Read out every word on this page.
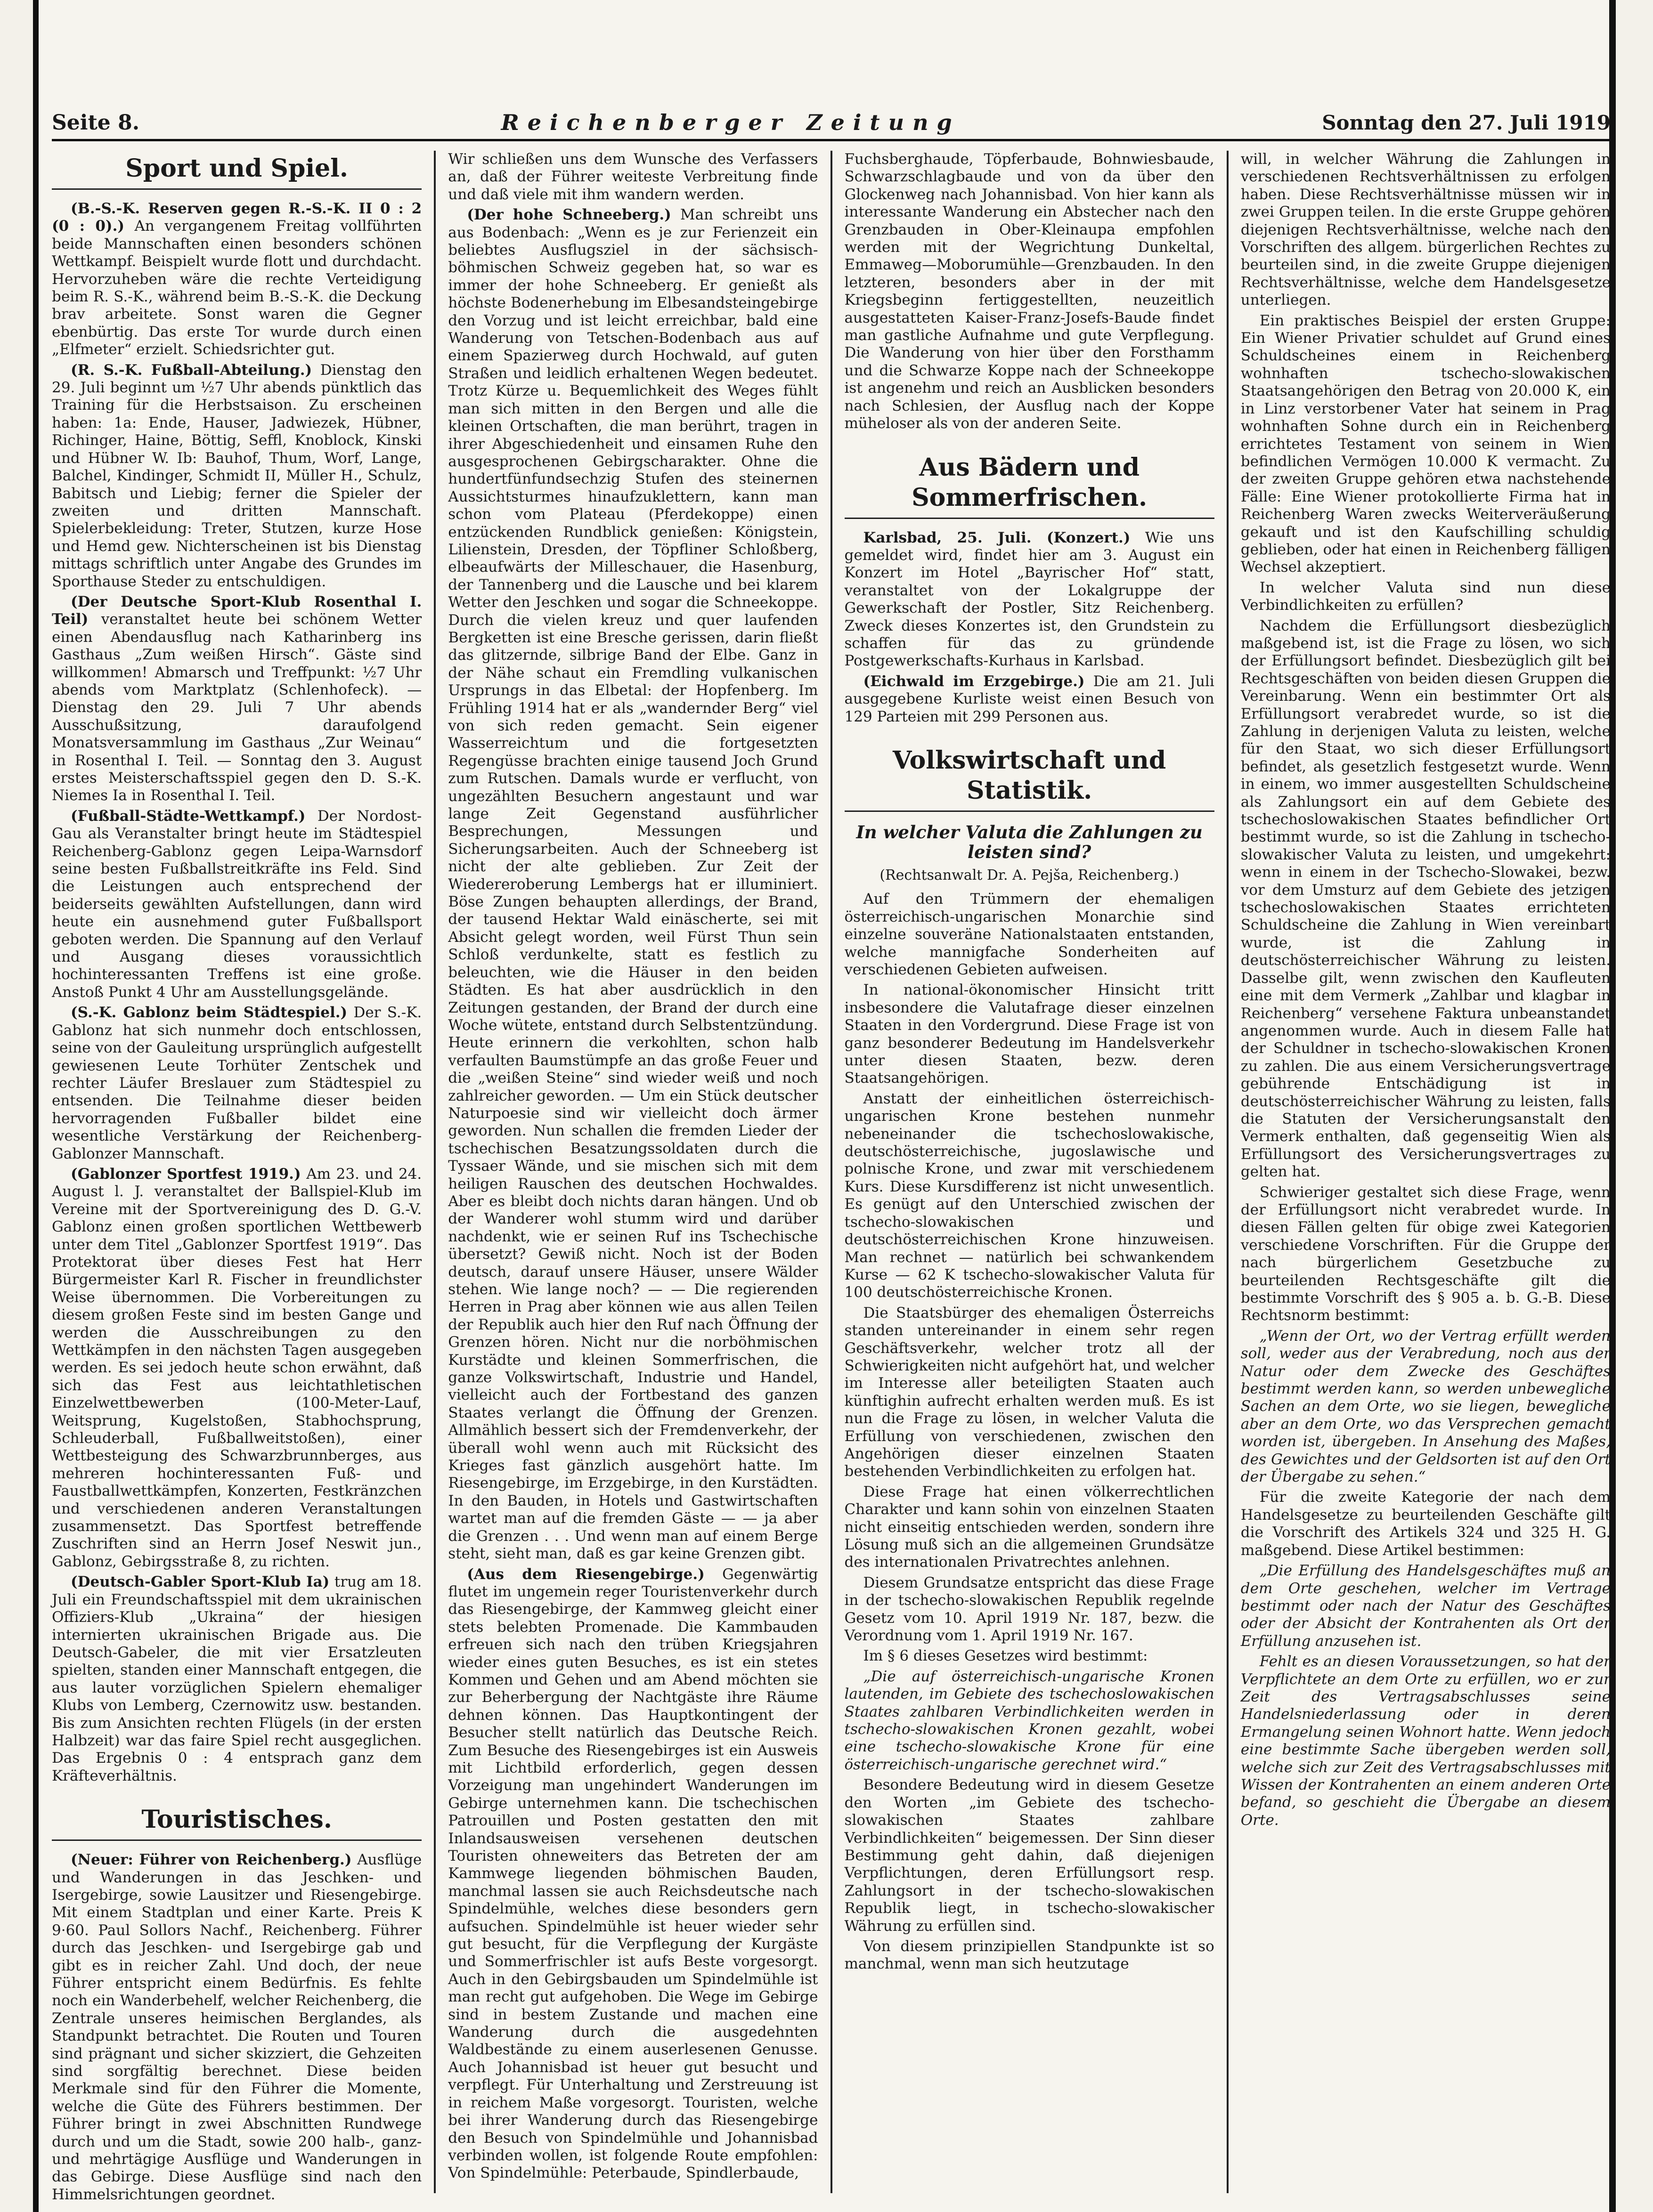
Seite 8.	Reichenberger Zeitung	Sonntag den 27. Juli 1919
Sport und Spiel.

(B.-S.-K. Reserven gegen R.-S.-K. II 0 : 2 (0 : 0).) An vergangenem Freitag vollführten beide Mannschaften einen besonders schönen Wettkampf. Beispielt wurde flott und durchdacht. Hervorzuheben wäre die rechte Verteidigung beim R. S.-K., während beim B.-S.-K. die Deckung brav arbeitete. Sonst waren die Gegner ebenbürtig. Das erste Tor wurde durch einen „Elfmeter“ erzielt. Schiedsrichter gut.

(R. S.-K. Fußball-Abteilung.) Dienstag den 29. Juli beginnt um ½7 Uhr abends pünktlich das Training für die Herbstsaison. Zu erscheinen haben: 1a: Ende, Hauser, Jadwiezek, Hübner, Richinger, Haine, Böttig, Seffl, Knoblock, Kinski und Hübner W. Ib: Bauhof, Thum, Worf, Lange, Balchel, Kindinger, Schmidt II, Müller H., Schulz, Babitsch und Liebig; ferner die Spieler der zweiten und dritten Mannschaft. Spielerbekleidung: Treter, Stutzen, kurze Hose und Hemd gew. Nichterscheinen ist bis Dienstag mittags schriftlich unter Angabe des Grundes im Sporthause Steder zu entschuldigen.

(Der Deutsche Sport-Klub Rosenthal I. Teil) veranstaltet heute bei schönem Wetter einen Abendausflug nach Katharinberg ins Gasthaus „Zum weißen Hirsch“. Gäste sind willkommen! Abmarsch und Treffpunkt: ½7 Uhr abends vom Marktplatz (Schlenhofeck). — Dienstag den 29. Juli 7 Uhr abends Ausschußsitzung, daraufolgend Monatsversammlung im Gasthaus „Zur Weinau“ in Rosenthal I. Teil. — Sonntag den 3. August erstes Meisterschaftsspiel gegen den D. S.-K. Niemes Ia in Rosenthal I. Teil.

(Fußball-Städte-Wettkampf.) Der Nordost-Gau als Veranstalter bringt heute im Städtespiel Reichenberg-Gablonz gegen Leipa-Warnsdorf seine besten Fußballstreitkräfte ins Feld. Sind die Leistungen auch entsprechend der beiderseits gewählten Aufstellungen, dann wird heute ein ausnehmend guter Fußballsport geboten werden. Die Spannung auf den Verlauf und Ausgang dieses voraussichtlich hochinteressanten Treffens ist eine große. Anstoß Punkt 4 Uhr am Ausstellungsgelände.

(S.-K. Gablonz beim Städtespiel.) Der S.-K. Gablonz hat sich nunmehr doch entschlossen, seine von der Gauleitung ursprünglich aufgestellt gewiesenen Leute Torhüter Zentschek und rechter Läufer Breslauer zum Städtespiel zu entsenden. Die Teilnahme dieser beiden hervorragenden Fußballer bildet eine wesentliche Verstärkung der Reichenberg-Gablonzer Mannschaft.

(Gablonzer Sportfest 1919.) Am 23. und 24. August l. J. veranstaltet der Ballspiel-Klub im Vereine mit der Sportvereinigung des D. G.-V. Gablonz einen großen sportlichen Wettbewerb unter dem Titel „Gablonzer Sportfest 1919“. Das Protektorat über dieses Fest hat Herr Bürgermeister Karl R. Fischer in freundlichster Weise übernommen. Die Vorbereitungen zu diesem großen Feste sind im besten Gange und werden die Ausschreibungen zu den Wettkämpfen in den nächsten Tagen ausgegeben werden. Es sei jedoch heute schon erwähnt, daß sich das Fest aus leichtathletischen Einzelwettbewerben (100-Meter-Lauf, Weitsprung, Kugelstoßen, Stabhochsprung, Schleuderball, Fußballweitstoßen), einer Wettbesteigung des Schwarzbrunnberges, aus mehreren hochinteressanten Fuß- und Faustballwettkämpfen, Konzerten, Festkränzchen und verschiedenen anderen Veranstaltungen zusammensetzt. Das Sportfest betreffende Zuschriften sind an Herrn Josef Neswit jun., Gablonz, Gebirgsstraße 8, zu richten.

(Deutsch-Gabler Sport-Klub Ia) trug am 18. Juli ein Freundschaftsspiel mit dem ukrainischen Offiziers-Klub „Ukraina“ der hiesigen internierten ukrainischen Brigade aus. Die Deutsch-Gabeler, die mit vier Ersatzleuten spielten, standen einer Mannschaft entgegen, die aus lauter vorzüglichen Spielern ehemaliger Klubs von Lemberg, Czernowitz usw. bestanden. Bis zum Ansichten rechten Flügels (in der ersten Halbzeit) war das faire Spiel recht ausgeglichen. Das Ergebnis 0 : 4 entsprach ganz dem Kräfteverhältnis.

Touristisches.

(Neuer: Führer von Reichenberg.) Ausflüge und Wanderungen in das Jeschken- und Isergebirge, sowie Lausitzer und Riesengebirge. Mit einem Stadtplan und einer Karte. Preis K 9·60. Paul Sollors Nachf., Reichenberg. Führer durch das Jeschken- und Isergebirge gab und gibt es in reicher Zahl. Und doch, der neue Führer entspricht einem Bedürfnis. Es fehlte noch ein Wanderbehelf, welcher Reichenberg, die Zentrale unseres heimischen Berglandes, als Standpunkt betrachtet. Die Routen und Touren sind prägnant und sicher skizziert, die Gehzeiten sind sorgfältig berechnet. Diese beiden Merkmale sind für den Führer die Momente, welche die Güte des Führers bestimmen. Der Führer bringt in zwei Abschnitten Rundwege durch und um die Stadt, sowie 200 halb-, ganz- und mehrtägige Ausflüge und Wanderungen in das Gebirge. Diese Ausflüge sind nach den Himmelsrichtungen geordnet.

Wir schließen uns dem Wunsche des Verfassers an, daß der Führer weiteste Verbreitung finde und daß viele mit ihm wandern werden.

(Der hohe Schneeberg.) Man schreibt uns aus Bodenbach: „Wenn es je zur Ferienzeit ein beliebtes Ausflugsziel in der sächsisch-böhmischen Schweiz gegeben hat, so war es immer der hohe Schneeberg. Er genießt als höchste Bodenerhebung im Elbesandsteingebirge den Vorzug und ist leicht erreichbar, bald eine Wanderung von Tetschen-Bodenbach aus auf einem Spazierweg durch Hochwald, auf guten Straßen und leidlich erhaltenen Wegen bedeutet. Trotz Kürze u. Bequemlichkeit des Weges fühlt man sich mitten in den Bergen und alle die kleinen Ortschaften, die man berührt, tragen in ihrer Abgeschiedenheit und einsamen Ruhe den ausgesprochenen Gebirgscharakter. Ohne die hundertfünfundsechzig Stufen des steinernen Aussichtsturmes hinaufzuklettern, kann man schon vom Plateau (Pferdekoppe) einen entzückenden Rundblick genießen: Königstein, Lilienstein, Dresden, der Töpfliner Schloßberg, elbeaufwärts der Milleschauer, die Hasenburg, der Tannenberg und die Lausche und bei klarem Wetter den Jeschken und sogar die Schneekoppe. Durch die vielen kreuz und quer laufenden Bergketten ist eine Bresche gerissen, darin fließt das glitzernde, silbrige Band der Elbe. Ganz in der Nähe schaut ein Fremdling vulkanischen Ursprungs in das Elbetal: der Hopfenberg. Im Frühling 1914 hat er als „wandernder Berg“ viel von sich reden gemacht. Sein eigener Wasserreichtum und die fortgesetzten Regengüsse brachten einige tausend Joch Grund zum Rutschen. Damals wurde er verflucht, von ungezählten Besuchern angestaunt und war lange Zeit Gegenstand ausführlicher Besprechungen, Messungen und Sicherungsarbeiten. Auch der Schneeberg ist nicht der alte geblieben. Zur Zeit der Wiedereroberung Lembergs hat er illuminiert. Böse Zungen behaupten allerdings, der Brand, der tausend Hektar Wald einäscherte, sei mit Absicht gelegt worden, weil Fürst Thun sein Schloß verdunkelte, statt es festlich zu beleuchten, wie die Häuser in den beiden Städten. Es hat aber ausdrücklich in den Zeitungen gestanden, der Brand der durch eine Woche wütete, entstand durch Selbstentzündung. Heute erinnern die verkohlten, schon halb verfaulten Baumstümpfe an das große Feuer und die „weißen Steine“ sind wieder weiß und noch zahlreicher geworden. — Um ein Stück deutscher Naturpoesie sind wir vielleicht doch ärmer geworden. Nun schallen die fremden Lieder der tschechischen Besatzungssoldaten durch die Tyssaer Wände, und sie mischen sich mit dem heiligen Rauschen des deutschen Hochwaldes. Aber es bleibt doch nichts daran hängen. Und ob der Wanderer wohl stumm wird und darüber nachdenkt, wie er seinen Ruf ins Tschechische übersetzt? Gewiß nicht. Noch ist der Boden deutsch, darauf unsere Häuser, unsere Wälder stehen. Wie lange noch? — — Die regierenden Herren in Prag aber können wie aus allen Teilen der Republik auch hier den Ruf nach Öffnung der Grenzen hören. Nicht nur die norböhmischen Kurstädte und kleinen Sommerfrischen, die ganze Volkswirtschaft, Industrie und Handel, vielleicht auch der Fortbestand des ganzen Staates verlangt die Öffnung der Grenzen. Allmählich bessert sich der Fremdenverkehr, der überall wohl wenn auch mit Rücksicht des Krieges fast gänzlich ausgehört hatte. Im Riesengebirge, im Erzgebirge, in den Kurstädten. In den Bauden, in Hotels und Gastwirtschaften wartet man auf die fremden Gäste — — ja aber die Grenzen . . . Und wenn man auf einem Berge steht, sieht man, daß es gar keine Grenzen gibt.

(Aus dem Riesengebirge.) Gegenwärtig flutet im ungemein reger Touristenverkehr durch das Riesengebirge, der Kammweg gleicht einer stets belebten Promenade. Die Kammbauden erfreuen sich nach den trüben Kriegsjahren wieder eines guten Besuches, es ist ein stetes Kommen und Gehen und am Abend möchten sie zur Beherbergung der Nachtgäste ihre Räume dehnen können. Das Hauptkontingent der Besucher stellt natürlich das Deutsche Reich. Zum Besuche des Riesengebirges ist ein Ausweis mit Lichtbild erforderlich, gegen dessen Vorzeigung man ungehindert Wanderungen im Gebirge unternehmen kann. Die tschechischen Patrouillen und Posten gestatten den mit Inlandsausweisen versehenen deutschen Touristen ohneweiters das Betreten der am Kammwege liegenden böhmischen Bauden, manchmal lassen sie auch Reichsdeutsche nach Spindelmühle, welches diese besonders gern aufsuchen. Spindelmühle ist heuer wieder sehr gut besucht, für die Verpflegung der Kurgäste und Sommerfrischler ist aufs Beste vorgesorgt. Auch in den Gebirgsbauden um Spindelmühle ist man recht gut aufgehoben. Die Wege im Gebirge sind in bestem Zustande und machen eine Wanderung durch die ausgedehnten Waldbestände zu einem auserlesenen Genusse. Auch Johannisbad ist heuer gut besucht und verpflegt. Für Unterhaltung und Zerstreuung ist in reichem Maße vorgesorgt. Touristen, welche bei ihrer Wanderung durch das Riesengebirge den Besuch von Spindelmühle und Johannisbad verbinden wollen, ist folgende Route empfohlen: Von Spindelmühle: Peterbaude, Spindlerbaude,

Fuchsberghaude, Töpferbaude, Bohnwiesbaude, Schwarzschlagbaude und von da über den Glockenweg nach Johannisbad. Von hier kann als interessante Wanderung ein Abstecher nach den Grenzbauden in Ober-Kleinaupa empfohlen werden mit der Wegrichtung Dunkeltal, Emmaweg—Moborumühle—Grenzbauden. In den letzteren, besonders aber in der mit Kriegsbeginn fertiggestellten, neuzeitlich ausgestatteten Kaiser-Franz-Josefs-Baude findet man gastliche Aufnahme und gute Verpflegung. Die Wanderung von hier über den Forsthamm und die Schwarze Koppe nach der Schneekoppe ist angenehm und reich an Ausblicken besonders nach Schlesien, der Ausflug nach der Koppe müheloser als von der anderen Seite.

Aus Bädern und Sommerfrischen.

Karlsbad, 25. Juli. (Konzert.) Wie uns gemeldet wird, findet hier am 3. August ein Konzert im Hotel „Bayrischer Hof“ statt, veranstaltet von der Lokalgruppe der Gewerkschaft der Postler, Sitz Reichenberg. Zweck dieses Konzertes ist, den Grundstein zu schaffen für das zu gründende Postgewerkschafts-Kurhaus in Karlsbad.

(Eichwald im Erzgebirge.) Die am 21. Juli ausgegebene Kurliste weist einen Besuch von 129 Parteien mit 299 Personen aus.

Volkswirtschaft und Statistik.
In welcher Valuta die Zahlungen zu leisten sind?
(Rechtsanwalt Dr. A. Pejša, Reichenberg.)

Auf den Trümmern der ehemaligen österreichisch-ungarischen Monarchie sind einzelne souveräne Nationalstaaten entstanden, welche mannigfache Sonderheiten auf verschiedenen Gebieten aufweisen.

In national-ökonomischer Hinsicht tritt insbesondere die Valutafrage dieser einzelnen Staaten in den Vordergrund. Diese Frage ist von ganz besonderer Bedeutung im Handelsverkehr unter diesen Staaten, bezw. deren Staatsangehörigen.

Anstatt der einheitlichen österreichisch-ungarischen Krone bestehen nunmehr nebeneinander die tschechoslowakische, deutschösterreichische, jugoslawische und polnische Krone, und zwar mit verschiedenem Kurs. Diese Kursdifferenz ist nicht unwesentlich. Es genügt auf den Unterschied zwischen der tschecho-slowakischen und deutschösterreichischen Krone hinzuweisen. Man rechnet — natürlich bei schwankendem Kurse — 62 K tschecho-slowakischer Valuta für 100 deutschösterreichische Kronen.

Die Staatsbürger des ehemaligen Österreichs standen untereinander in einem sehr regen Geschäftsverkehr, welcher trotz all der Schwierigkeiten nicht aufgehört hat, und welcher im Interesse aller beteiligten Staaten auch künftighin aufrecht erhalten werden muß. Es ist nun die Frage zu lösen, in welcher Valuta die Erfüllung von verschiedenen, zwischen den Angehörigen dieser einzelnen Staaten bestehenden Verbindlichkeiten zu erfolgen hat.

Diese Frage hat einen völkerrechtlichen Charakter und kann sohin von einzelnen Staaten nicht einseitig entschieden werden, sondern ihre Lösung muß sich an die allgemeinen Grundsätze des internationalen Privatrechtes anlehnen.

Diesem Grundsatze entspricht das diese Frage in der tschecho-slowakischen Republik regelnde Gesetz vom 10. April 1919 Nr. 187, bezw. die Verordnung vom 1. April 1919 Nr. 167.

Im § 6 dieses Gesetzes wird bestimmt:

„Die auf österreichisch-ungarische Kronen lautenden, im Gebiete des tschechoslowakischen Staates zahlbaren Verbindlichkeiten werden in tschecho-slowakischen Kronen gezahlt, wobei eine tschecho-slowakische Krone für eine österreichisch-ungarische gerechnet wird.“

Besondere Bedeutung wird in diesem Gesetze den Worten „im Gebiete des tschecho-slowakischen Staates zahlbare Verbindlichkeiten“ beigemessen. Der Sinn dieser Bestimmung geht dahin, daß diejenigen Verpflichtungen, deren Erfüllungsort resp. Zahlungsort in der tschecho-slowakischen Republik liegt, in tschecho-slowakischer Währung zu erfüllen sind.

Von diesem prinzipiellen Standpunkte ist so manchmal, wenn man sich heutzutage

will, in welcher Währung die Zahlungen in verschiedenen Rechtsverhältnissen zu erfolgen haben. Diese Rechtsverhältnisse müssen wir in zwei Gruppen teilen. In die erste Gruppe gehören diejenigen Rechtsverhältnisse, welche nach den Vorschriften des allgem. bürgerlichen Rechtes zu beurteilen sind, in die zweite Gruppe diejenigen Rechtsverhältnisse, welche dem Handelsgesetze unterliegen.

Ein praktisches Beispiel der ersten Gruppe: Ein Wiener Privatier schuldet auf Grund eines Schuldscheines einem in Reichenberg wohnhaften tschecho-slowakischen Staatsangehörigen den Betrag von 20.000 K, ein in Linz verstorbener Vater hat seinem in Prag wohnhaften Sohne durch ein in Reichenberg errichtetes Testament von seinem in Wien befindlichen Vermögen 10.000 K vermacht. Zu der zweiten Gruppe gehören etwa nachstehende Fälle: Eine Wiener protokollierte Firma hat in Reichenberg Waren zwecks Weiterveräußerung gekauft und ist den Kaufschilling schuldig geblieben, oder hat einen in Reichenberg fälligen Wechsel akzeptiert.

In welcher Valuta sind nun diese Verbindlichkeiten zu erfüllen?

Nachdem die Erfüllungsort diesbezüglich maßgebend ist, ist die Frage zu lösen, wo sich der Erfüllungsort befindet. Diesbezüglich gilt bei Rechtsgeschäften von beiden diesen Gruppen die Vereinbarung. Wenn ein bestimmter Ort als Erfüllungsort verabredet wurde, so ist die Zahlung in derjenigen Valuta zu leisten, welche für den Staat, wo sich dieser Erfüllungsort befindet, als gesetzlich festgesetzt wurde. Wenn in einem, wo immer ausgestellten Schuldscheine als Zahlungsort ein auf dem Gebiete des tschechoslowakischen Staates befindlicher Ort bestimmt wurde, so ist die Zahlung in tschecho-slowakischer Valuta zu leisten, und umgekehrt: wenn in einem in der Tschecho-Slowakei, bezw. vor dem Umsturz auf dem Gebiete des jetzigen tschechoslowakischen Staates errichteten Schuldscheine die Zahlung in Wien vereinbart wurde, ist die Zahlung in deutschösterreichischer Währung zu leisten. Dasselbe gilt, wenn zwischen den Kaufleuten eine mit dem Vermerk „Zahlbar und klagbar in Reichenberg“ versehene Faktura unbeanstandet angenommen wurde. Auch in diesem Falle hat der Schuldner in tschecho-slowakischen Kronen zu zahlen. Die aus einem Versicherungsvertrage gebührende Entschädigung ist in deutschösterreichischer Währung zu leisten, falls die Statuten der Versicherungsanstalt den Vermerk enthalten, daß gegenseitig Wien als Erfüllungsort des Versicherungsvertrages zu gelten hat.

Schwieriger gestaltet sich diese Frage, wenn der Erfüllungsort nicht verabredet wurde. In diesen Fällen gelten für obige zwei Kategorien verschiedene Vorschriften. Für die Gruppe der nach bürgerlichem Gesetzbuche zu beurteilenden Rechtsgeschäfte gilt die bestimmte Vorschrift des § 905 a. b. G.-B. Diese Rechtsnorm bestimmt:

„Wenn der Ort, wo der Vertrag erfüllt werden soll, weder aus der Verabredung, noch aus der Natur oder dem Zwecke des Geschäftes bestimmt werden kann, so werden unbewegliche Sachen an dem Orte, wo sie liegen, bewegliche aber an dem Orte, wo das Versprechen gemacht worden ist, übergeben. In Ansehung des Maßes, des Gewichtes und der Geldsorten ist auf den Ort der Übergabe zu sehen.“

Für die zweite Kategorie der nach dem Handelsgesetze zu beurteilenden Geschäfte gilt die Vorschrift des Artikels 324 und 325 H. G. maßgebend. Diese Artikel bestimmen:

„Die Erfüllung des Handelsgeschäftes muß an dem Orte geschehen, welcher im Vertrage bestimmt oder nach der Natur des Geschäftes oder der Absicht der Kontrahenten als Ort der Erfüllung anzusehen ist.

Fehlt es an diesen Voraussetzungen, so hat der Verpflichtete an dem Orte zu erfüllen, wo er zur Zeit des Vertragsabschlusses seine Handelsniederlassung oder in deren Ermangelung seinen Wohnort hatte. Wenn jedoch eine bestimmte Sache übergeben werden soll, welche sich zur Zeit des Vertragsabschlusses mit Wissen der Kontrahenten an einem anderen Orte befand, so geschieht die Übergabe an diesem Orte.
